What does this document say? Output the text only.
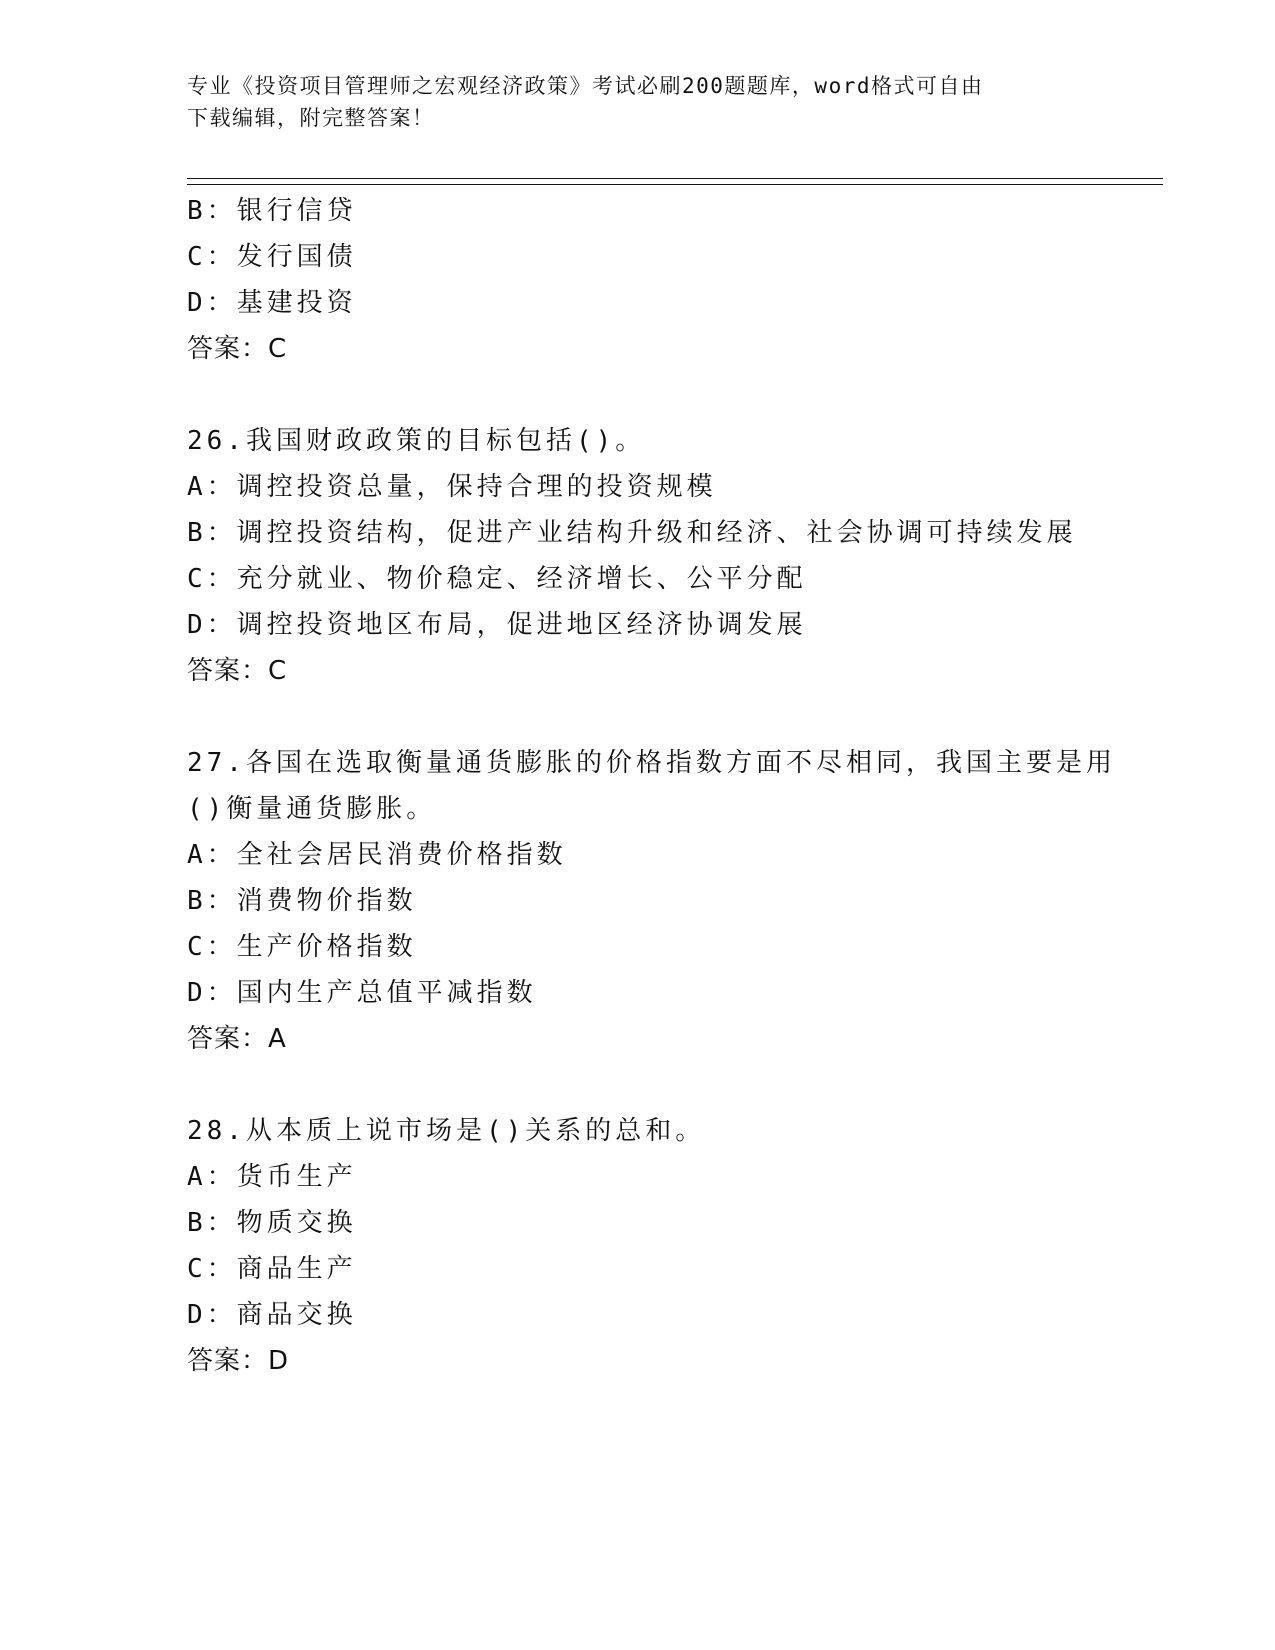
专业《投资项目管理师之宏观经济政策》考试必刷200题题库，word格式可自由
下载编辑，附完整答案！
B：银行信贷
C：发行国债
D：基建投资
答案：C
26.我国财政政策的目标包括()。
A：调控投资总量，保持合理的投资规模
B：调控投资结构，促进产业结构升级和经济、社会协调可持续发展
C：充分就业、物价稳定、经济增长、公平分配
D：调控投资地区布局，促进地区经济协调发展
答案：C
27.各国在选取衡量通货膨胀的价格指数方面不尽相同，我国主要是用
()衡量通货膨胀。
A：全社会居民消费价格指数
B：消费物价指数
C：生产价格指数
D：国内生产总值平减指数
答案：A
28.从本质上说市场是()关系的总和。
A：货币生产
B：物质交换
C：商品生产
D：商品交换
答案：D
